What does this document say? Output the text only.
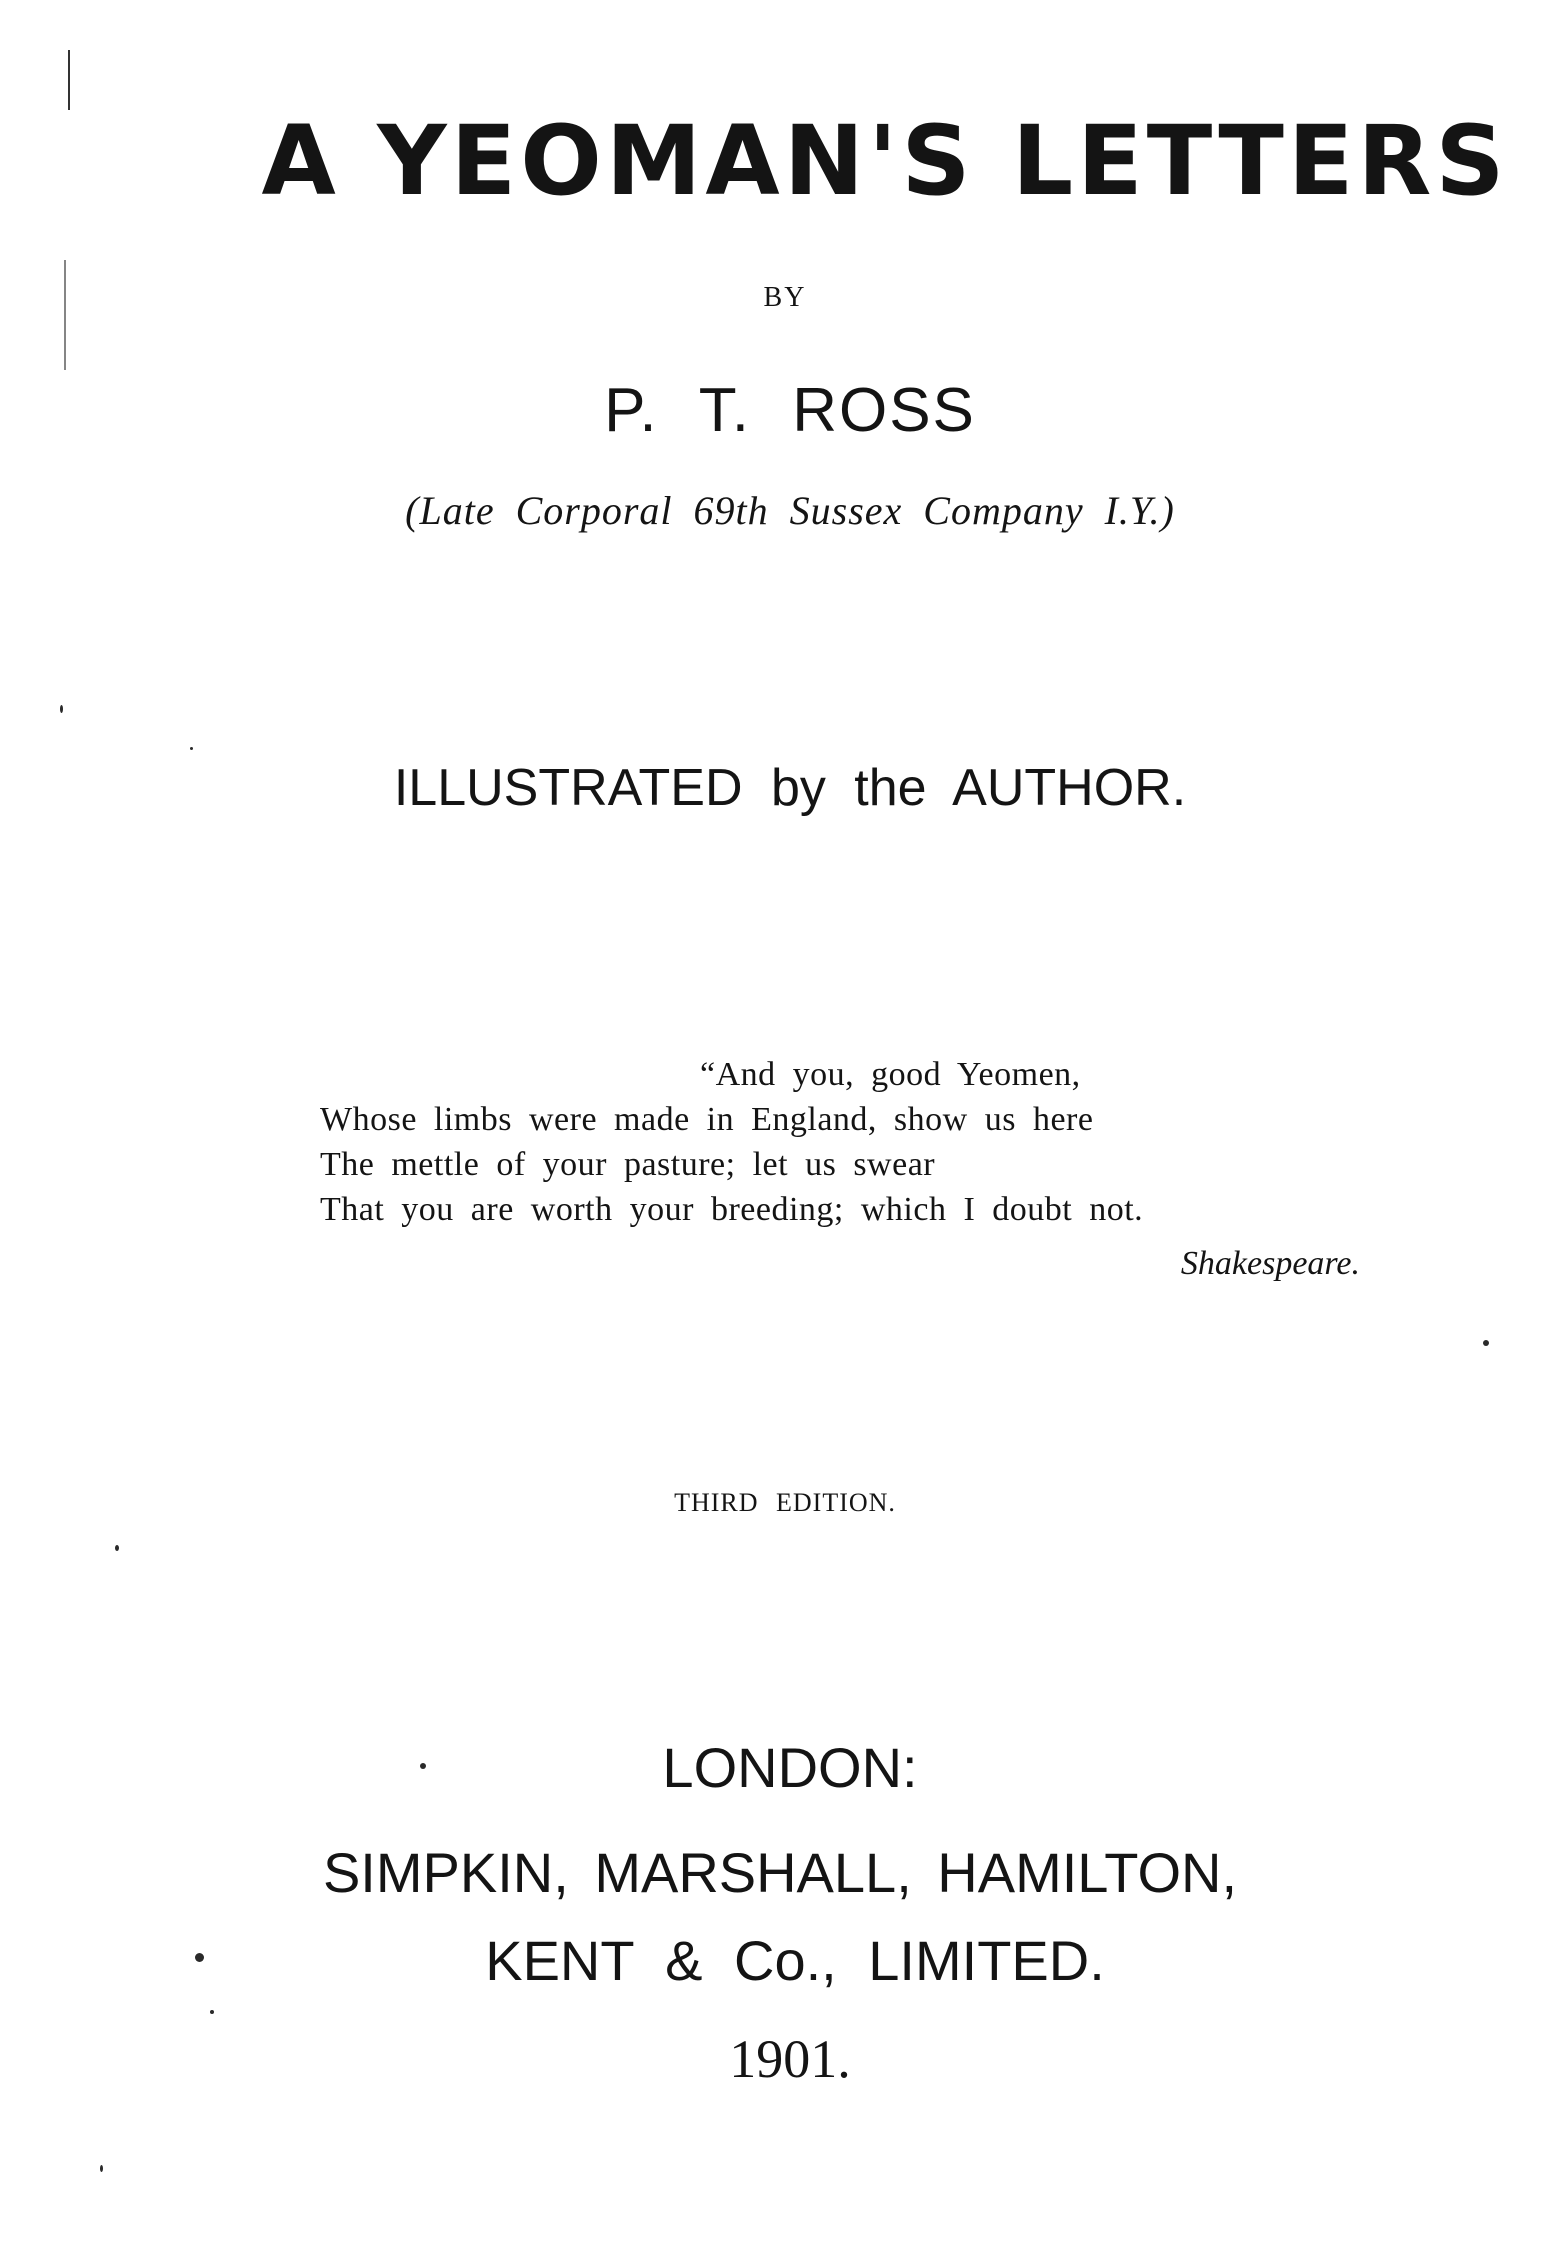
A YEOMAN'S LETTERS
BY
P. T. ROSS
(Late Corporal 69th Sussex Company I.Y.)
ILLUSTRATED by the AUTHOR.
“And you, good Yeomen,
Whose limbs were made in England, show us here
The mettle of your pasture; let us swear
That you are worth your breeding; which I doubt not.
Shakespeare.
THIRD EDITION.
LONDON:
SIMPKIN, MARSHALL, HAMILTON,
KENT & Co., LIMITED.
1901.
